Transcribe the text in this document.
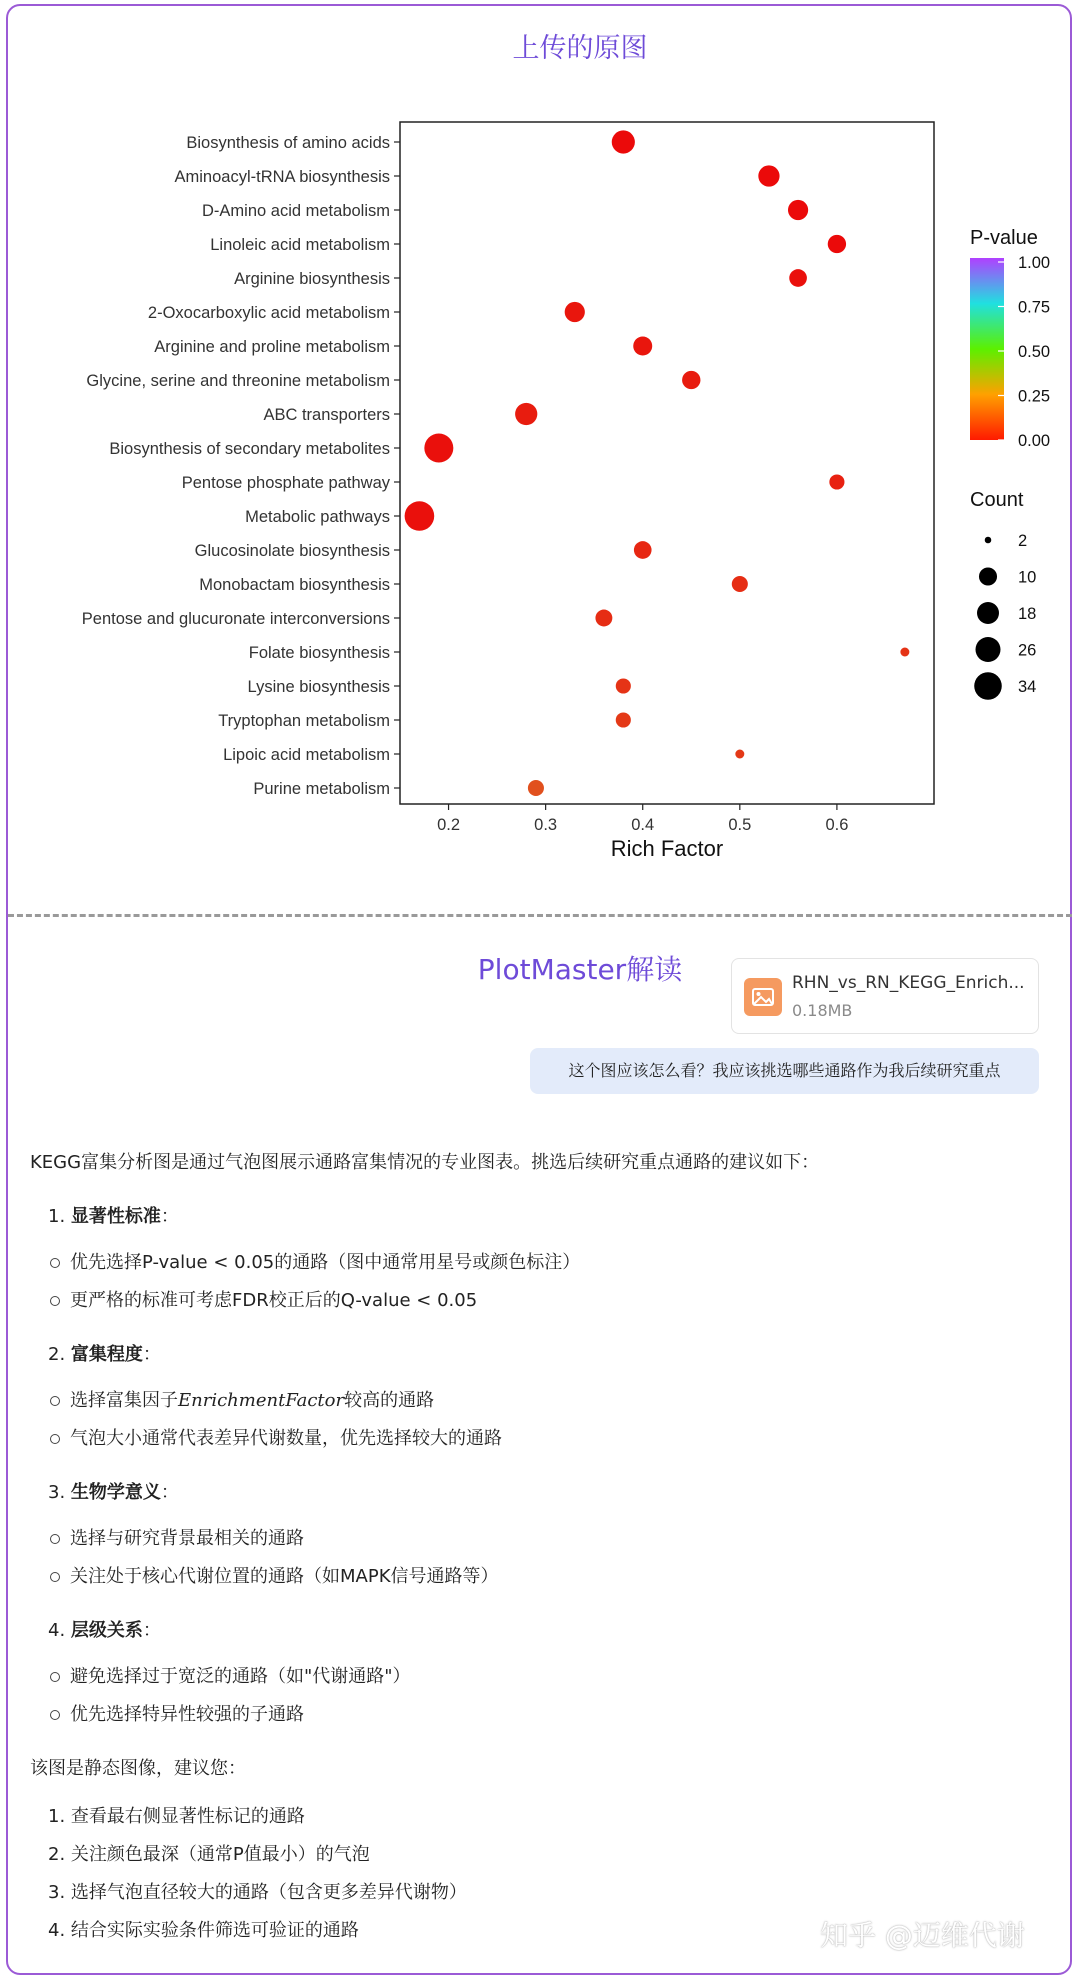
上传的原图
Biosynthesis of amino acids
Aminoacyl-tRNA biosynthesis
D-Amino acid metabolism
Linoleic acid metabolism
Arginine biosynthesis
2-Oxocarboxylic acid metabolism
Arginine and proline metabolism
Glycine, serine and threonine metabolism
ABC transporters
Biosynthesis of secondary metabolites
Pentose phosphate pathway
Metabolic pathways
Glucosinolate biosynthesis
Monobactam biosynthesis
Pentose and glucuronate interconversions
Folate biosynthesis
Lysine biosynthesis
Tryptophan metabolism
Lipoic acid metabolism
Purine metabolism
0.2	0.3	0.4	0.5	0.6
Rich Factor
P-value
1.00
0.75
0.50
0.25
0.00
Count
2
10
18
26
34
PlotMaster解读	RHN_vs_RN_KEGG_Enrich...
0.18MB
这个图应该怎么看？我应该挑选哪些通路作为我后续研究重点

KEGG富集分析图是通过气泡图展示通路富集情况的专业图表。挑选后续研究重点通路的建议如下：

1. 显著性标准：

优先选择P-value < 0.05的通路（图中通常用星号或颜色标注）

更严格的标准可考虑FDR校正后的Q-value < 0.05

2. 富集程度：

选择富集因子EnrichmentFactor较高的通路

气泡大小通常代表差异代谢数量，优先选择较大的通路

3. 生物学意义：

选择与研究背景最相关的通路

关注处于核心代谢位置的通路（如MAPK信号通路等）

4. 层级关系：

避免选择过于宽泛的通路（如"代谢通路"）

优先选择特异性较强的子通路

该图是静态图像，建议您：

1. 查看最右侧显著性标记的通路

2. 关注颜色最深（通常P值最小）的气泡

3. 选择气泡直径较大的通路（包含更多差异代谢物）

4. 结合实际实验条件筛选可验证的通路	知乎 @迈维代谢
